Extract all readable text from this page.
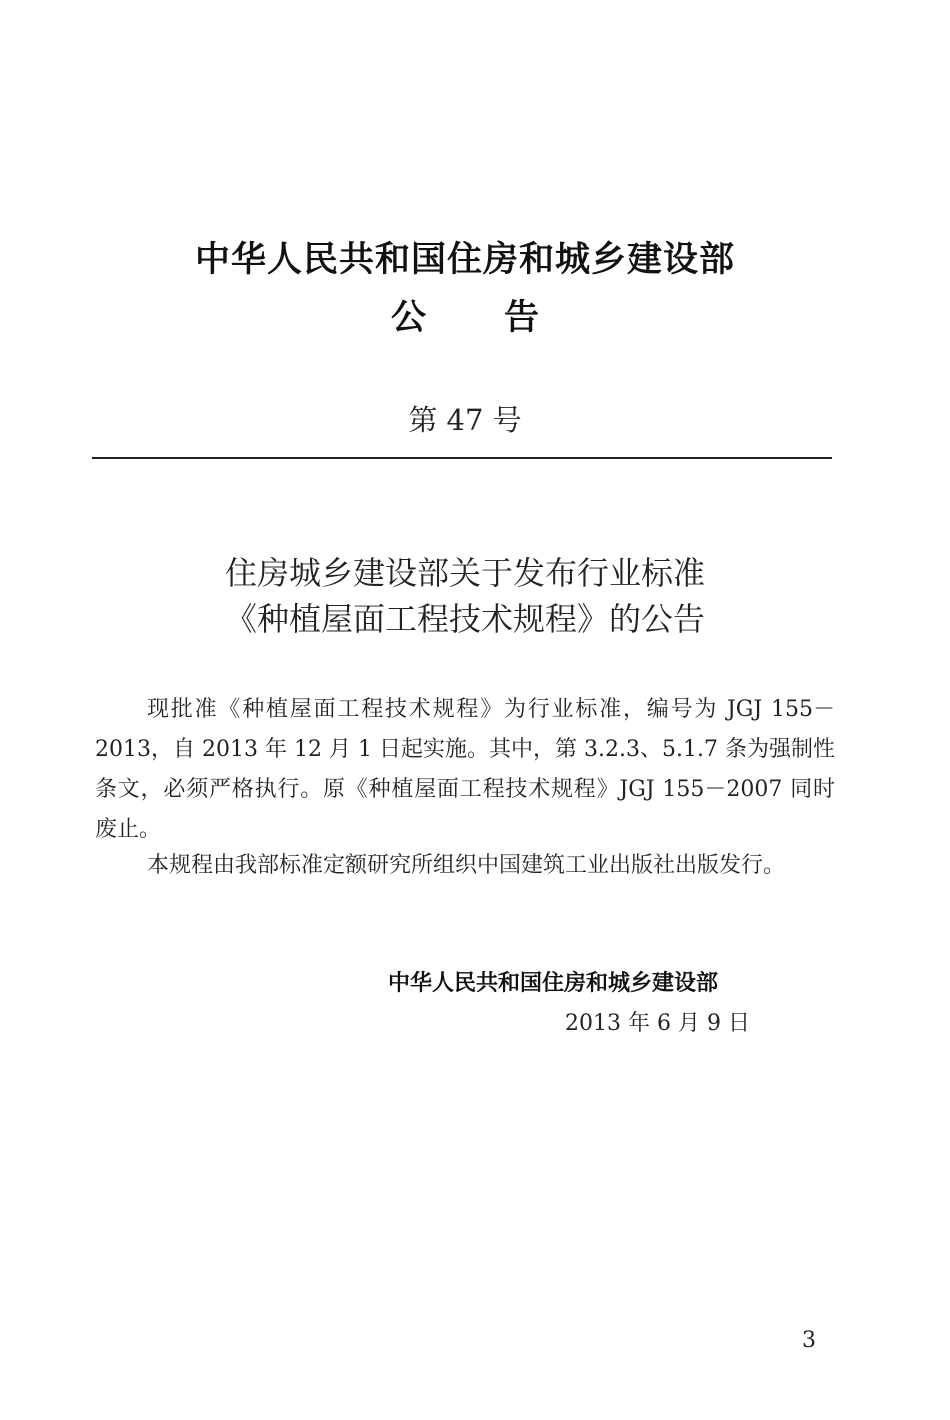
中华人民共和国住房和城乡建设部
公告
第 47 号
住房城乡建设部关于发布行业标准
《种植屋面工程技术规程》的公告
现批准《种植屋面工程技术规程》为行业标准，编号为 JGJ 155－2013，自 2013 年 12 月 1 日起实施。其中，第 3.2.3、5.1.7 条为强制性条文，必须严格执行。原《种植屋面工程技术规程》JGJ 155－2007 同时废止。
本规程由我部标准定额研究所组织中国建筑工业出版社出版发行。
中华人民共和国住房和城乡建设部
2013 年 6 月 9 日
3
